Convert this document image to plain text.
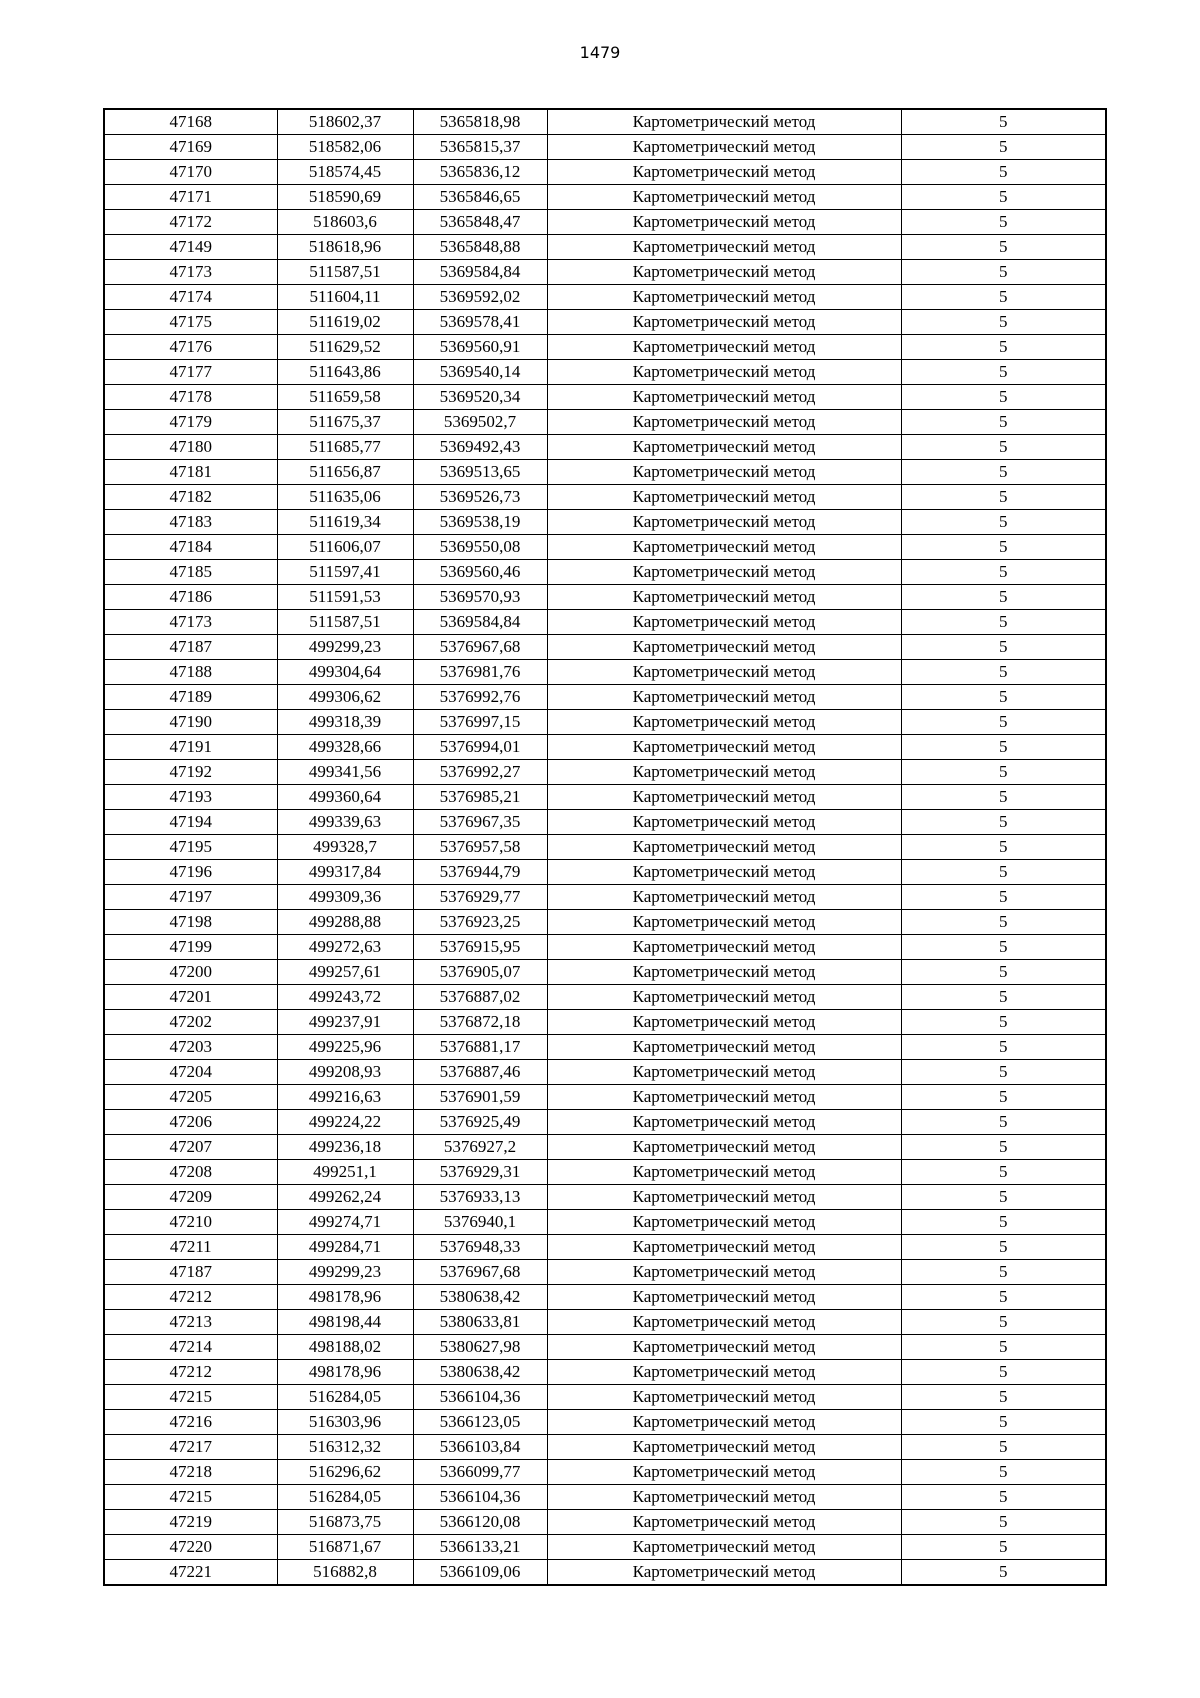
1479
47168	518602,37	5365818,98	Картометрический метод	5
47169	518582,06	5365815,37	Картометрический метод	5
47170	518574,45	5365836,12	Картометрический метод	5
47171	518590,69	5365846,65	Картометрический метод	5
47172	518603,6	5365848,47	Картометрический метод	5
47149	518618,96	5365848,88	Картометрический метод	5
47173	511587,51	5369584,84	Картометрический метод	5
47174	511604,11	5369592,02	Картометрический метод	5
47175	511619,02	5369578,41	Картометрический метод	5
47176	511629,52	5369560,91	Картометрический метод	5
47177	511643,86	5369540,14	Картометрический метод	5
47178	511659,58	5369520,34	Картометрический метод	5
47179	511675,37	5369502,7	Картометрический метод	5
47180	511685,77	5369492,43	Картометрический метод	5
47181	511656,87	5369513,65	Картометрический метод	5
47182	511635,06	5369526,73	Картометрический метод	5
47183	511619,34	5369538,19	Картометрический метод	5
47184	511606,07	5369550,08	Картометрический метод	5
47185	511597,41	5369560,46	Картометрический метод	5
47186	511591,53	5369570,93	Картометрический метод	5
47173	511587,51	5369584,84	Картометрический метод	5
47187	499299,23	5376967,68	Картометрический метод	5
47188	499304,64	5376981,76	Картометрический метод	5
47189	499306,62	5376992,76	Картометрический метод	5
47190	499318,39	5376997,15	Картометрический метод	5
47191	499328,66	5376994,01	Картометрический метод	5
47192	499341,56	5376992,27	Картометрический метод	5
47193	499360,64	5376985,21	Картометрический метод	5
47194	499339,63	5376967,35	Картометрический метод	5
47195	499328,7	5376957,58	Картометрический метод	5
47196	499317,84	5376944,79	Картометрический метод	5
47197	499309,36	5376929,77	Картометрический метод	5
47198	499288,88	5376923,25	Картометрический метод	5
47199	499272,63	5376915,95	Картометрический метод	5
47200	499257,61	5376905,07	Картометрический метод	5
47201	499243,72	5376887,02	Картометрический метод	5
47202	499237,91	5376872,18	Картометрический метод	5
47203	499225,96	5376881,17	Картометрический метод	5
47204	499208,93	5376887,46	Картометрический метод	5
47205	499216,63	5376901,59	Картометрический метод	5
47206	499224,22	5376925,49	Картометрический метод	5
47207	499236,18	5376927,2	Картометрический метод	5
47208	499251,1	5376929,31	Картометрический метод	5
47209	499262,24	5376933,13	Картометрический метод	5
47210	499274,71	5376940,1	Картометрический метод	5
47211	499284,71	5376948,33	Картометрический метод	5
47187	499299,23	5376967,68	Картометрический метод	5
47212	498178,96	5380638,42	Картометрический метод	5
47213	498198,44	5380633,81	Картометрический метод	5
47214	498188,02	5380627,98	Картометрический метод	5
47212	498178,96	5380638,42	Картометрический метод	5
47215	516284,05	5366104,36	Картометрический метод	5
47216	516303,96	5366123,05	Картометрический метод	5
47217	516312,32	5366103,84	Картометрический метод	5
47218	516296,62	5366099,77	Картометрический метод	5
47215	516284,05	5366104,36	Картометрический метод	5
47219	516873,75	5366120,08	Картометрический метод	5
47220	516871,67	5366133,21	Картометрический метод	5
47221	516882,8	5366109,06	Картометрический метод	5
